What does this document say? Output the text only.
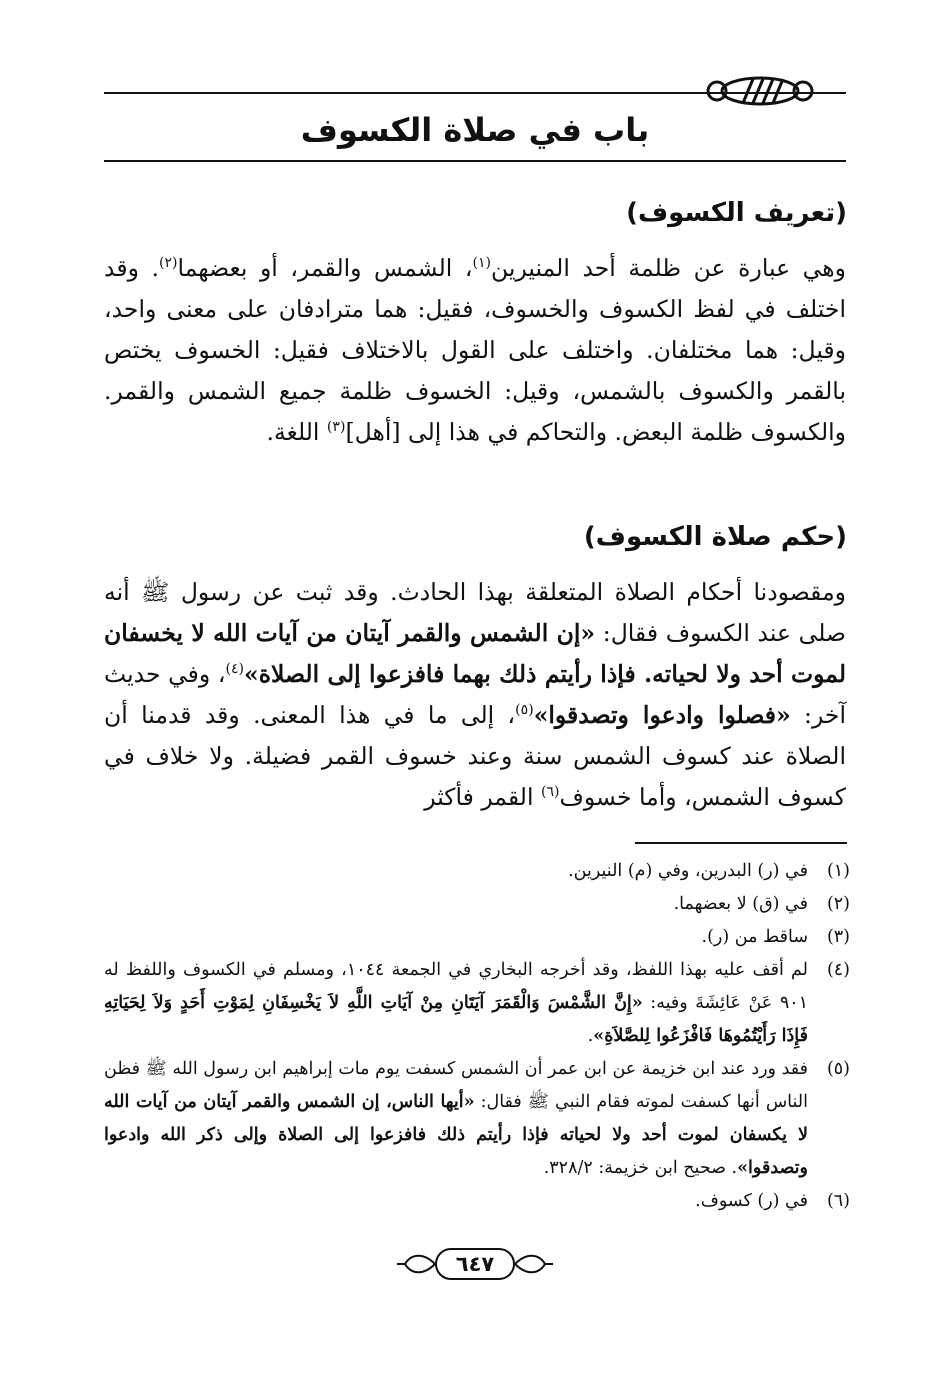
باب في صلاة الكسوف
(تعريف الكسوف)

وهي عبارة عن ظلمة أحد المنيرين$^{(١)}$، الشمس والقمر، أو بعضهما$^{(٢)}$. وقد اختلف في لفظ الكسوف والخسوف، فقيل: هما مترادفان على معنى واحد، وقيل: هما مختلفان. واختلف على القول بالاختلاف فقيل: الخسوف يختص بالقمر والكسوف بالشمس، وقيل: الخسوف ظلمة جميع الشمس والقمر. والكسوف ظلمة البعض. والتحاكم في هذا إلى [أهل]$^{(٣)}$ اللغة.

(حكم صلاة الكسوف)

ومقصودنا أحكام الصلاة المتعلقة بهذا الحادث. وقد ثبت عن رسول ﷺ أنه صلى عند الكسوف فقال: «إن الشمس والقمر آيتان من آيات الله لا يخسفان لموت أحد ولا لحياته. فإذا رأيتم ذلك بهما فافزعوا إلى الصلاة»$^{(٤)}$، وفي حديث آخر: «فصلوا وادعوا وتصدقوا»$^{(٥)}$، إلى ما في هذا المعنى. وقد قدمنا أن الصلاة عند كسوف الشمس سنة وعند خسوف القمر فضيلة. ولا خلاف في كسوف الشمس، وأما خسوف$^{(٦)}$ القمر فأكثر

(١)
في (ر) البدرين، وفي (م) النيرين.
(٢)
في (ق) لا بعضهما.
(٣)
ساقط من (ر).
(٤)
لم أقف عليه بهذا اللفظ، وقد أخرجه البخاري في الجمعة ١٠٤٤، ومسلم في الكسوف واللفظ له ٩٠١ عَنْ عَائِشَةَ وفيه: «إِنَّ الشَّمْسَ وَالْقَمَرَ آيَتَانِ مِنْ آيَاتِ اللَّهِ لاَ يَخْسِفَانِ لِمَوْتِ أَحَدٍ وَلاَ لِحَيَاتِهِ فَإِذَا رَأَيْتُمُوهَا فَافْزَعُوا لِلصَّلاَةِ».
(٥)
فقد ورد عند ابن خزيمة عن ابن عمر أن الشمس كسفت يوم مات إبراهيم ابن رسول الله ﷺ فظن الناس أنها كسفت لموته فقام النبي ﷺ فقال: «أيها الناس، إن الشمس والقمر آيتان من آيات الله لا يكسفان لموت أحد ولا لحياته فإذا رأيتم ذلك فافزعوا إلى الصلاة وإلى ذكر الله وادعوا وتصدقوا». صحيح ابن خزيمة: ٣٢٨/٢.
(٦)
في (ر) كسوف.
٦٤٧
